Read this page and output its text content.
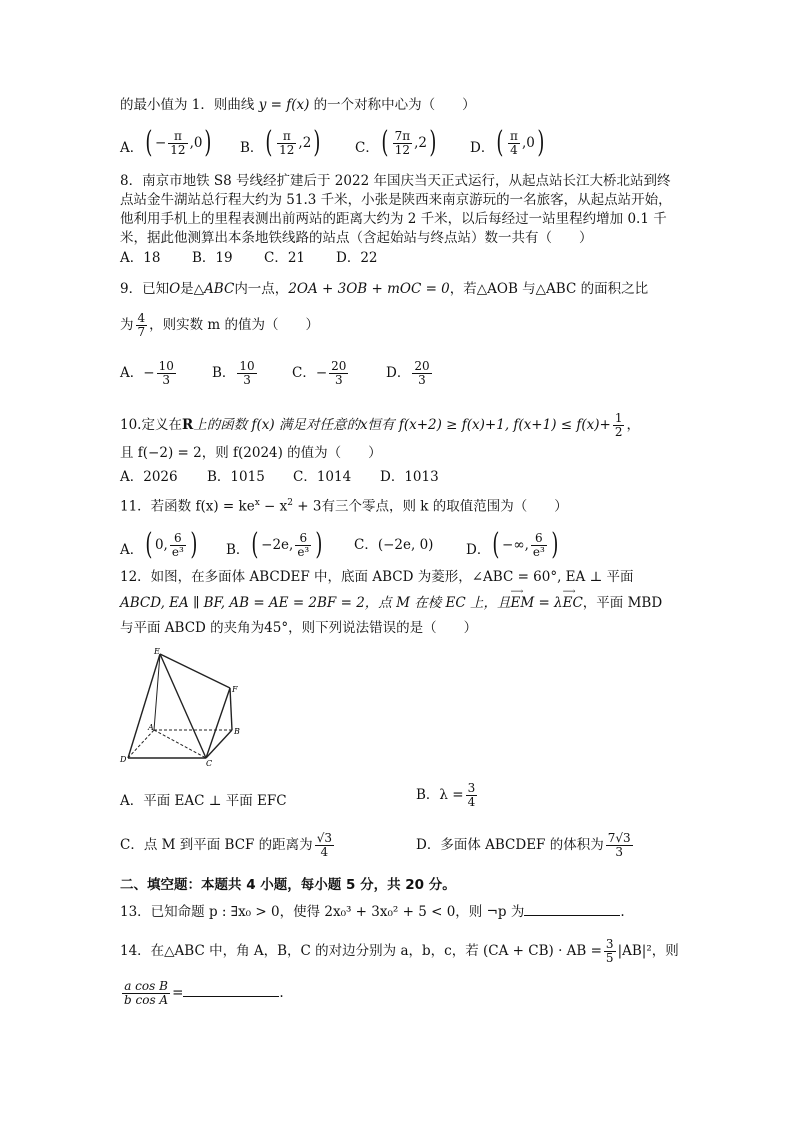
的最小值为 1．则曲线 y = f(x) 的一个对称中心为（　　）
A． ( − $\frac{\pi}{12}$ , 0 ) B． ( $\frac{\pi}{12}$ , 2 )	C． ( $\frac{7\pi}{12}$ , 2 ) D． ( $\frac{\pi}{4}$ , 0 )
8．南京市地铁 S8 号线经扩建后于 2022 年国庆当天正式运行，从起点站长江大桥北站到终
点站金牛湖站总行程大约为 51.3 千米，小张是陕西来南京游玩的一名旅客，从起点站开始，
他利用手机上的里程表测出前两站的距离大约为 2 千米，以后每经过一站里程约增加 0.1 千
米，据此他测算出本条地铁线路的站点（含起始站与终点站）数一共有（　　）
A．18 B．19 C．21 D．22
9．已知O是△ABC内一点，2OA + 3OB + mOC = 0，若△AOB 与△ABC 的面积之比
为 $\frac{4}{7}$ ，则实数 m 的值为（　　）
A．− $\frac{10}{3}$	B． $\frac{10}{3}$	C．− $\frac{20}{3}$	D． $\frac{20}{3}$
10.定义在R上的函数 f(x) 满足对任意的x恒有 f(x+2) ≥ f(x)+1, $f(x+1) \le f(x)+ \frac{1}{2}$ ，
且 f(−2) = 2，则 f(2024) 的值为（　　）
A．2026 B．1015 C．1014 D．1013
11．若函数 $f(x) = ke^x - x^2 + 3$有三个零点，则 k 的取值范围为（　　）
A． ( 0, $\frac{6}{\text{e³}}$ ) B． ( −2e, $\frac{6}{\text{e³}}$ ) C．(−2e, 0) D． ( −∞, $\frac{6}{\text{e³}}$ )
12．如图，在多面体 ABCDEF 中，底面 ABCD 为菱形，∠ABC = 60°, EA ⊥ 平面
ABCD, EA ∥ BF, AB = AE = 2BF = 2，点 M 在棱 EC 上，且⟶ EM = λ⟶ EC，平面 MBD
与平面 ABCD 的夹角为45°，则下列说法错误的是（　　）
E
F
A	B
C
D
A．平面 EAC ⊥ 平面 EFC	B．$\lambda = \frac{3}{4}$
C．点 M 到平面 BCF 的距离为 $\frac{√3}{4}$	D．多面体 ABCDEF 的体积为 $\frac{7√3}{3}$
二、填空题：本题共 4 小题，每小题 5 分，共 20 分。
13．已知命题 p : ∃x₀ > 0，使得 2x₀³ + 3x₀² + 5 < 0，则 ¬p 为	.
14．在△ABC 中，角 A，B，C 的对边分别为 a，b，c，若 (CA + CB) · AB = $\frac{3}{5} |AB|^2$，则
$\frac{\text{a cos B}}{\text{b cos A}}$ =	.
